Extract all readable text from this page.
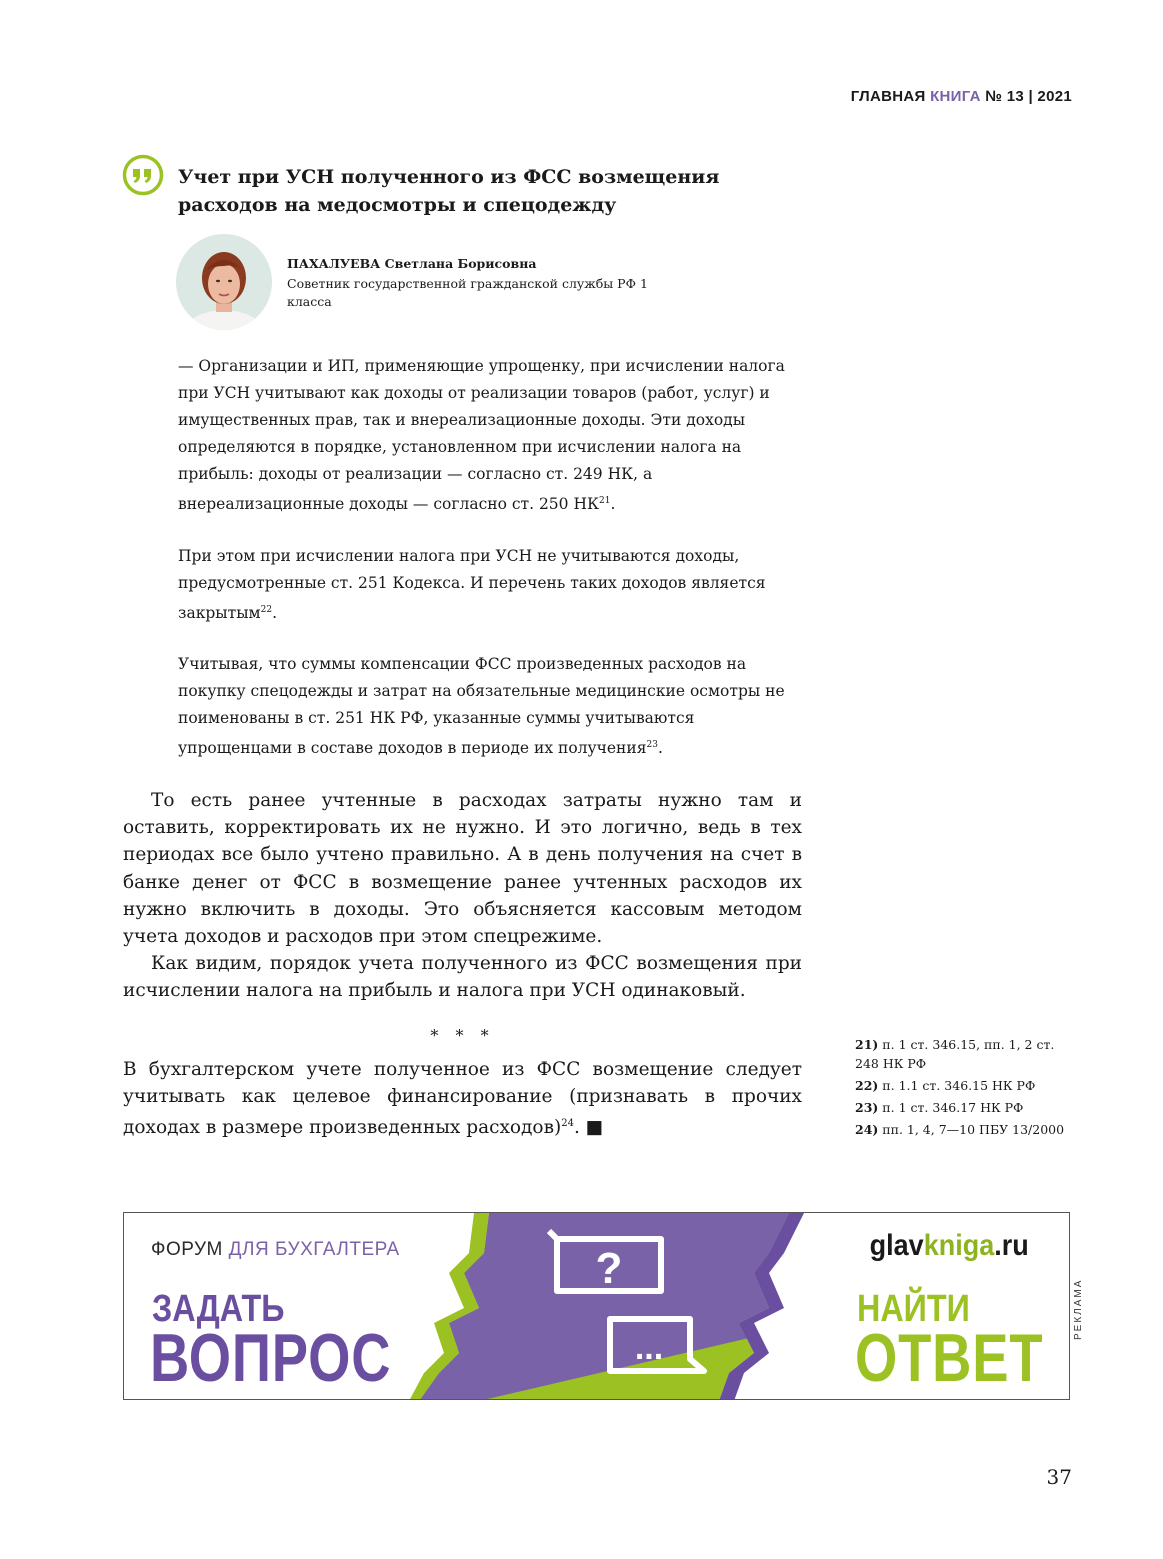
ГЛАВНАЯ КНИГА № 13 | 2021
Учет при УСН полученного из ФСС возмещения расходов на медосмотры и спецодежду
ПАХАЛУЕВА Светлана Борисовна
Советник государственной гражданской службы РФ 1 класса
— Организации и ИП, применяющие упрощенку, при исчислении налога при УСН учитывают как доходы от реализации товаров (работ, услуг) и имущественных прав, так и внереализационные доходы. Эти доходы определяются в порядке, установленном при исчислении налога на прибыль: доходы от реализации — согласно ст. 249 НК, а внереализационные доходы — согласно ст. 250 НК$^{21}$.
При этом при исчислении налога при УСН не учитываются доходы, предусмотренные ст. 251 Кодекса. И перечень таких доходов является закрытым$^{22}$.
Учитывая, что суммы компенсации ФСС произведенных расходов на покупку спецодежды и затрат на обязательные медицинские осмотры не поименованы в ст. 251 НК РФ, указанные суммы учитываются упрощенцами в составе доходов в периоде их получения$^{23}$.

То есть ранее учтенные в расходах затраты нужно там и оставить, корректировать их не нужно. И это логично, ведь в тех периодах все было учтено правильно. А в день получения на счет в банке денег от ФСС в возмещение ранее учтенных расходов их нужно включить в доходы. Это объясняется кассовым методом учета доходов и расходов при этом спецрежиме.

Как видим, порядок учета полученного из ФСС возмещения при исчислении налога на прибыль и налога при УСН одинаковый.

* * *

В бухгалтерском учете полученное из ФСС возмещение следует учитывать как целевое финансирование (признавать в прочих доходах в размере произведенных расходов)$^{24}$. ■

21) п. 1 ст. 346.15, пп. 1, 2 ст. 248 НК РФ
22) п. 1.1 ст. 346.15 НК РФ
23) п. 1 ст. 346.17 НК РФ
24) пп. 1, 4, 7—10 ПБУ 13/2000
ФОРУМ ДЛЯ БУХГАЛТЕРА
ЗАДАТЬ
ВОПРОС
?
...
glavkniga.ru
НАЙТИ
ОТВЕТ
РЕКЛАМА
37
